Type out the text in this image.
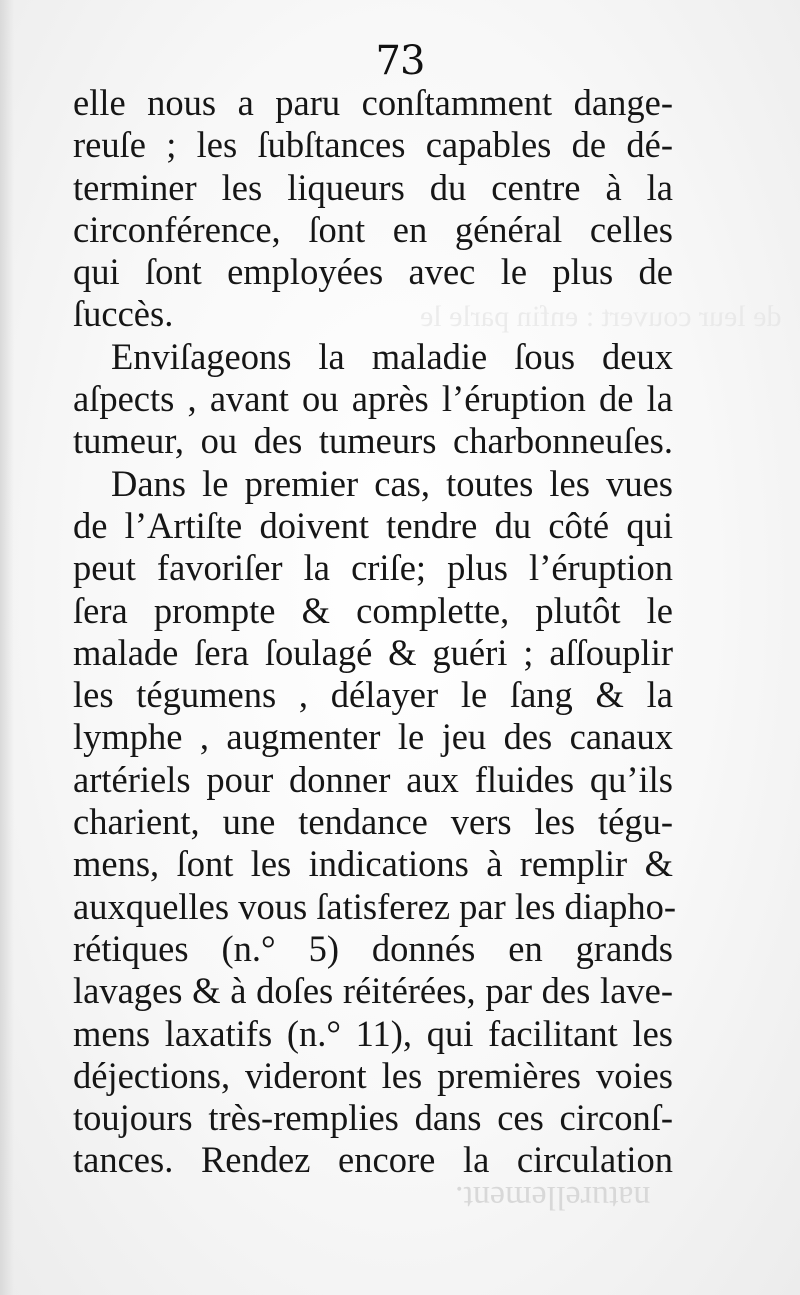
de leur couvert : enfin parle le
naturellement.
73
elle nous a paru conſtamment dange-
reuſe ; les ſubſtances capables de dé-
terminer les liqueurs du centre à la
circonférence, ſont en général celles
qui ſont employées avec le plus de
ſuccès.
Enviſageons la maladie ſous deux
aſpects , avant ou après l’éruption de la
tumeur, ou des tumeurs charbonneuſes.
Dans le premier cas, toutes les vues
de l’Artiſte doivent tendre du côté qui
peut favoriſer la criſe; plus l’éruption
ſera prompte & complette, plutôt le
malade ſera ſoulagé & guéri ; aſſouplir
les tégumens , délayer le ſang & la
lymphe , augmenter le jeu des canaux
artériels pour donner aux fluides qu’ils
charient, une tendance vers les tégu-
mens, ſont les indications à remplir &
auxquelles vous ſatisferez par les diapho-
rétiques (n.° 5) donnés en grands
lavages & à doſes réitérées, par des lave-
mens laxatifs (n.° 11), qui facilitant les
déjections, videront les premières voies
toujours très-remplies dans ces circonſ-
tances. Rendez encore la circulation
